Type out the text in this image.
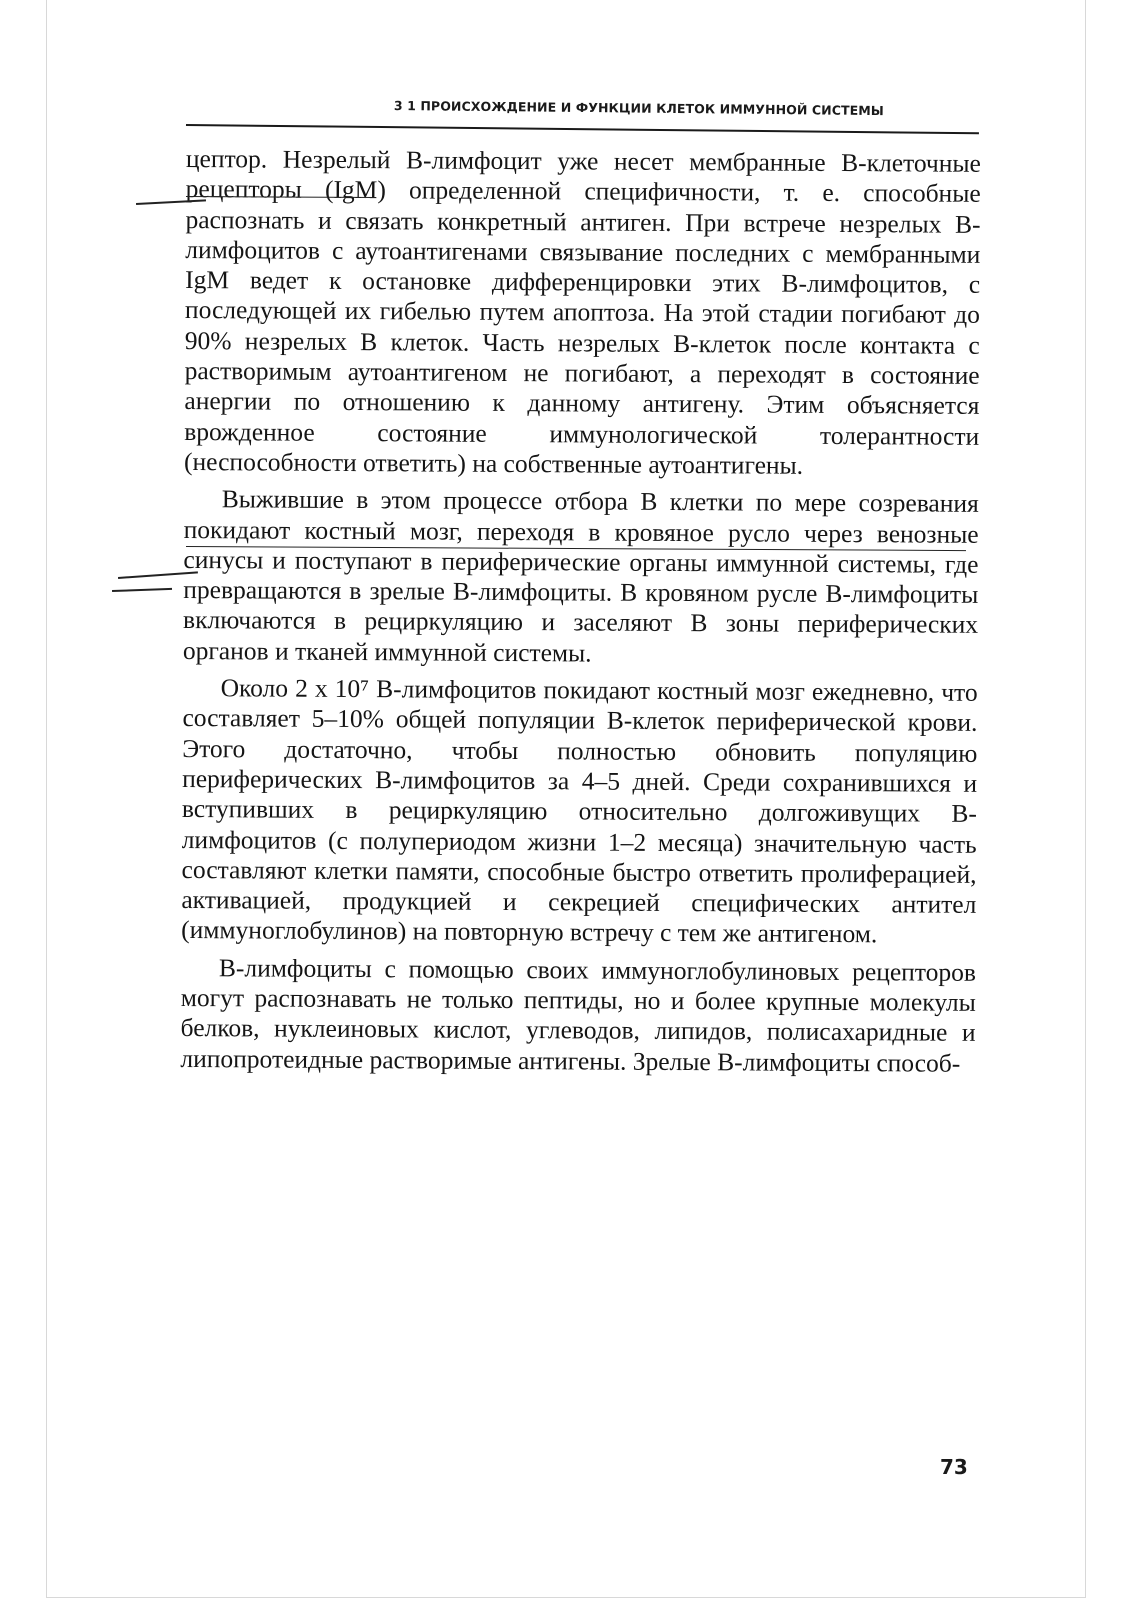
3 1 ПРОИСХОЖДЕНИЕ И ФУНКЦИИ КЛЕТОК ИММУННОЙ СИСТЕМЫ

цептор. Незрелый В-лимфоцит уже несет мембранные В-клеточные рецепторы (IgM) определенной специфичности, т. е. способные распознать и связать конкретный антиген. При встрече незрелых В-лимфоцитов с аутоантигенами связывание последних с мембранными IgM ведет к остановке дифференцировки этих В-лимфоцитов, с последующей их гибелью путем апоптоза. На этой стадии погибают до 90% незрелых В клеток. Часть незрелых В-клеток после контакта с растворимым аутоантигеном не погибают, а переходят в состояние анергии по отношению к данному антигену. Этим объясняется врожденное состояние иммунологической толерантности (неспособности ответить) на собственные аутоантигены.

Выжившие в этом процессе отбора В клетки по мере созревания покидают костный мозг, переходя в кровяное русло через венозные синусы и поступают в периферические органы иммунной системы, где превращаются в зрелые В-лимфоциты. В кровяном русле В-лимфоциты включаются в рециркуляцию и заселяют В зоны периферических органов и тканей иммунной системы.

Около 2 х 10⁷ В-лимфоцитов покидают костный мозг ежедневно, что составляет 5–10% общей популяции В-клеток периферической крови. Этого достаточно, чтобы полностью обновить популяцию периферических В-лимфоцитов за 4–5 дней. Среди сохранившихся и вступивших в рециркуляцию относительно долгоживущих В-лимфоцитов (с полупериодом жизни 1–2 месяца) значительную часть составляют клетки памяти, способные быстро ответить пролиферацией, активацией, продукцией и секрецией специфических антител (иммуноглобулинов) на повторную встречу с тем же антигеном.

В-лимфоциты с помощью своих иммуноглобулиновых рецепторов могут распознавать не только пептиды, но и более крупные молекулы белков, нуклеиновых кислот, углеводов, липидов, полисахаридные и липопротеидные растворимые антигены. Зрелые В-лимфоциты способ-

73
